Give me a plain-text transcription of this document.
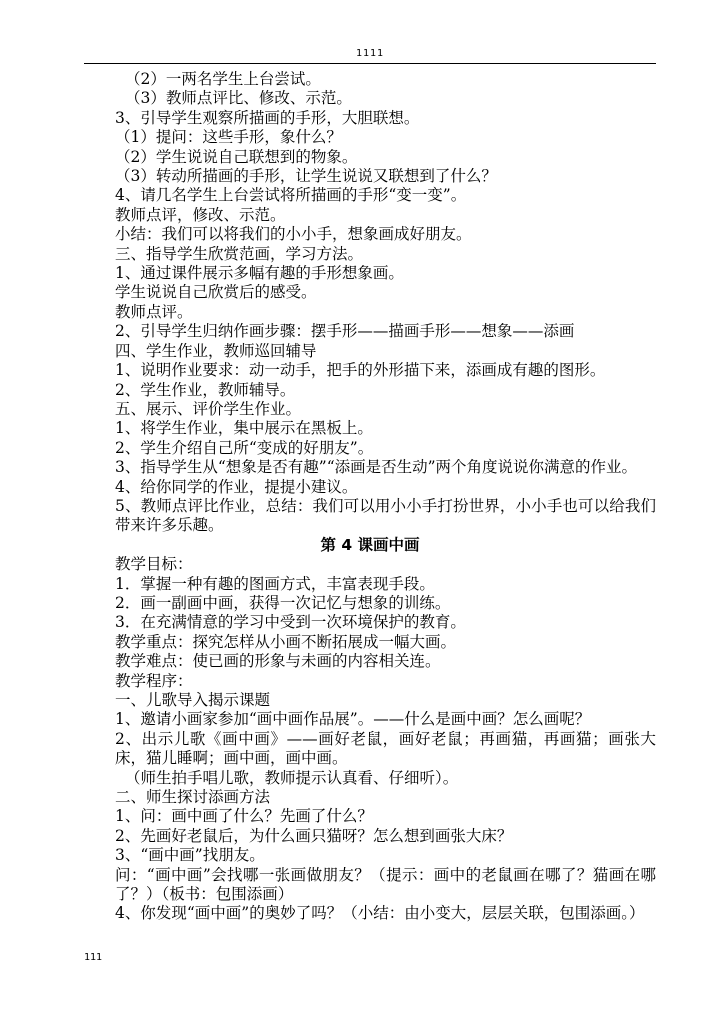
1111

（2）一两名学生上台尝试。

（3）教师点评比、修改、示范。

3、引导学生观察所描画的手形，大胆联想。

（1）提问：这些手形，象什么？

（2）学生说说自己联想到的物象。

（3）转动所描画的手形，让学生说说又联想到了什么？

4、请几名学生上台尝试将所描画的手形“变一变”。

教师点评，修改、示范。

小结：我们可以将我们的小小手，想象画成好朋友。

三、指导学生欣赏范画，学习方法。

1、通过课件展示多幅有趣的手形想象画。

学生说说自己欣赏后的感受。

教师点评。

2、引导学生归纳作画步骤：摆手形——描画手形——想象——添画

四、学生作业，教师巡回辅导

1、说明作业要求：动一动手，把手的外形描下来，添画成有趣的图形。

2、学生作业，教师辅导。

五、展示、评价学生作业。

1、将学生作业，集中展示在黑板上。

2、学生介绍自己所“变成的好朋友”。

3、指导学生从“想象是否有趣”“添画是否生动”两个角度说说你满意的作业。

4、给你同学的作业，提提小建议。

5、教师点评比作业，总结：我们可以用小小手打扮世界，小小手也可以给我们带来许多乐趣。

第 4 课画中画

教学目标：

1．掌握一种有趣的图画方式，丰富表现手段。

2．画一副画中画，获得一次记忆与想象的训练。

3．在充满情意的学习中受到一次环境保护的教育。

教学重点：探究怎样从小画不断拓展成一幅大画。

教学难点：使已画的形象与未画的内容相关连。

教学程序：

一、儿歌导入揭示课题

1、邀请小画家参加“画中画作品展”。——什么是画中画？怎么画呢？

2、出示儿歌《画中画》——画好老鼠，画好老鼠；再画猫，再画猫；画张大床，猫儿睡啊；画中画，画中画。

（师生拍手唱儿歌，教师提示认真看、仔细听）。

二、师生探讨添画方法

1、问：画中画了什么？先画了什么？

2、先画好老鼠后，为什么画只猫呀？怎么想到画张大床？

3、“画中画”找朋友。

问：“画中画”会找哪一张画做朋友？（提示：画中的老鼠画在哪了？猫画在哪了？）（板书：包围添画）

4、你发现“画中画”的奥妙了吗？（小结：由小变大，层层关联，包围添画。）

111
